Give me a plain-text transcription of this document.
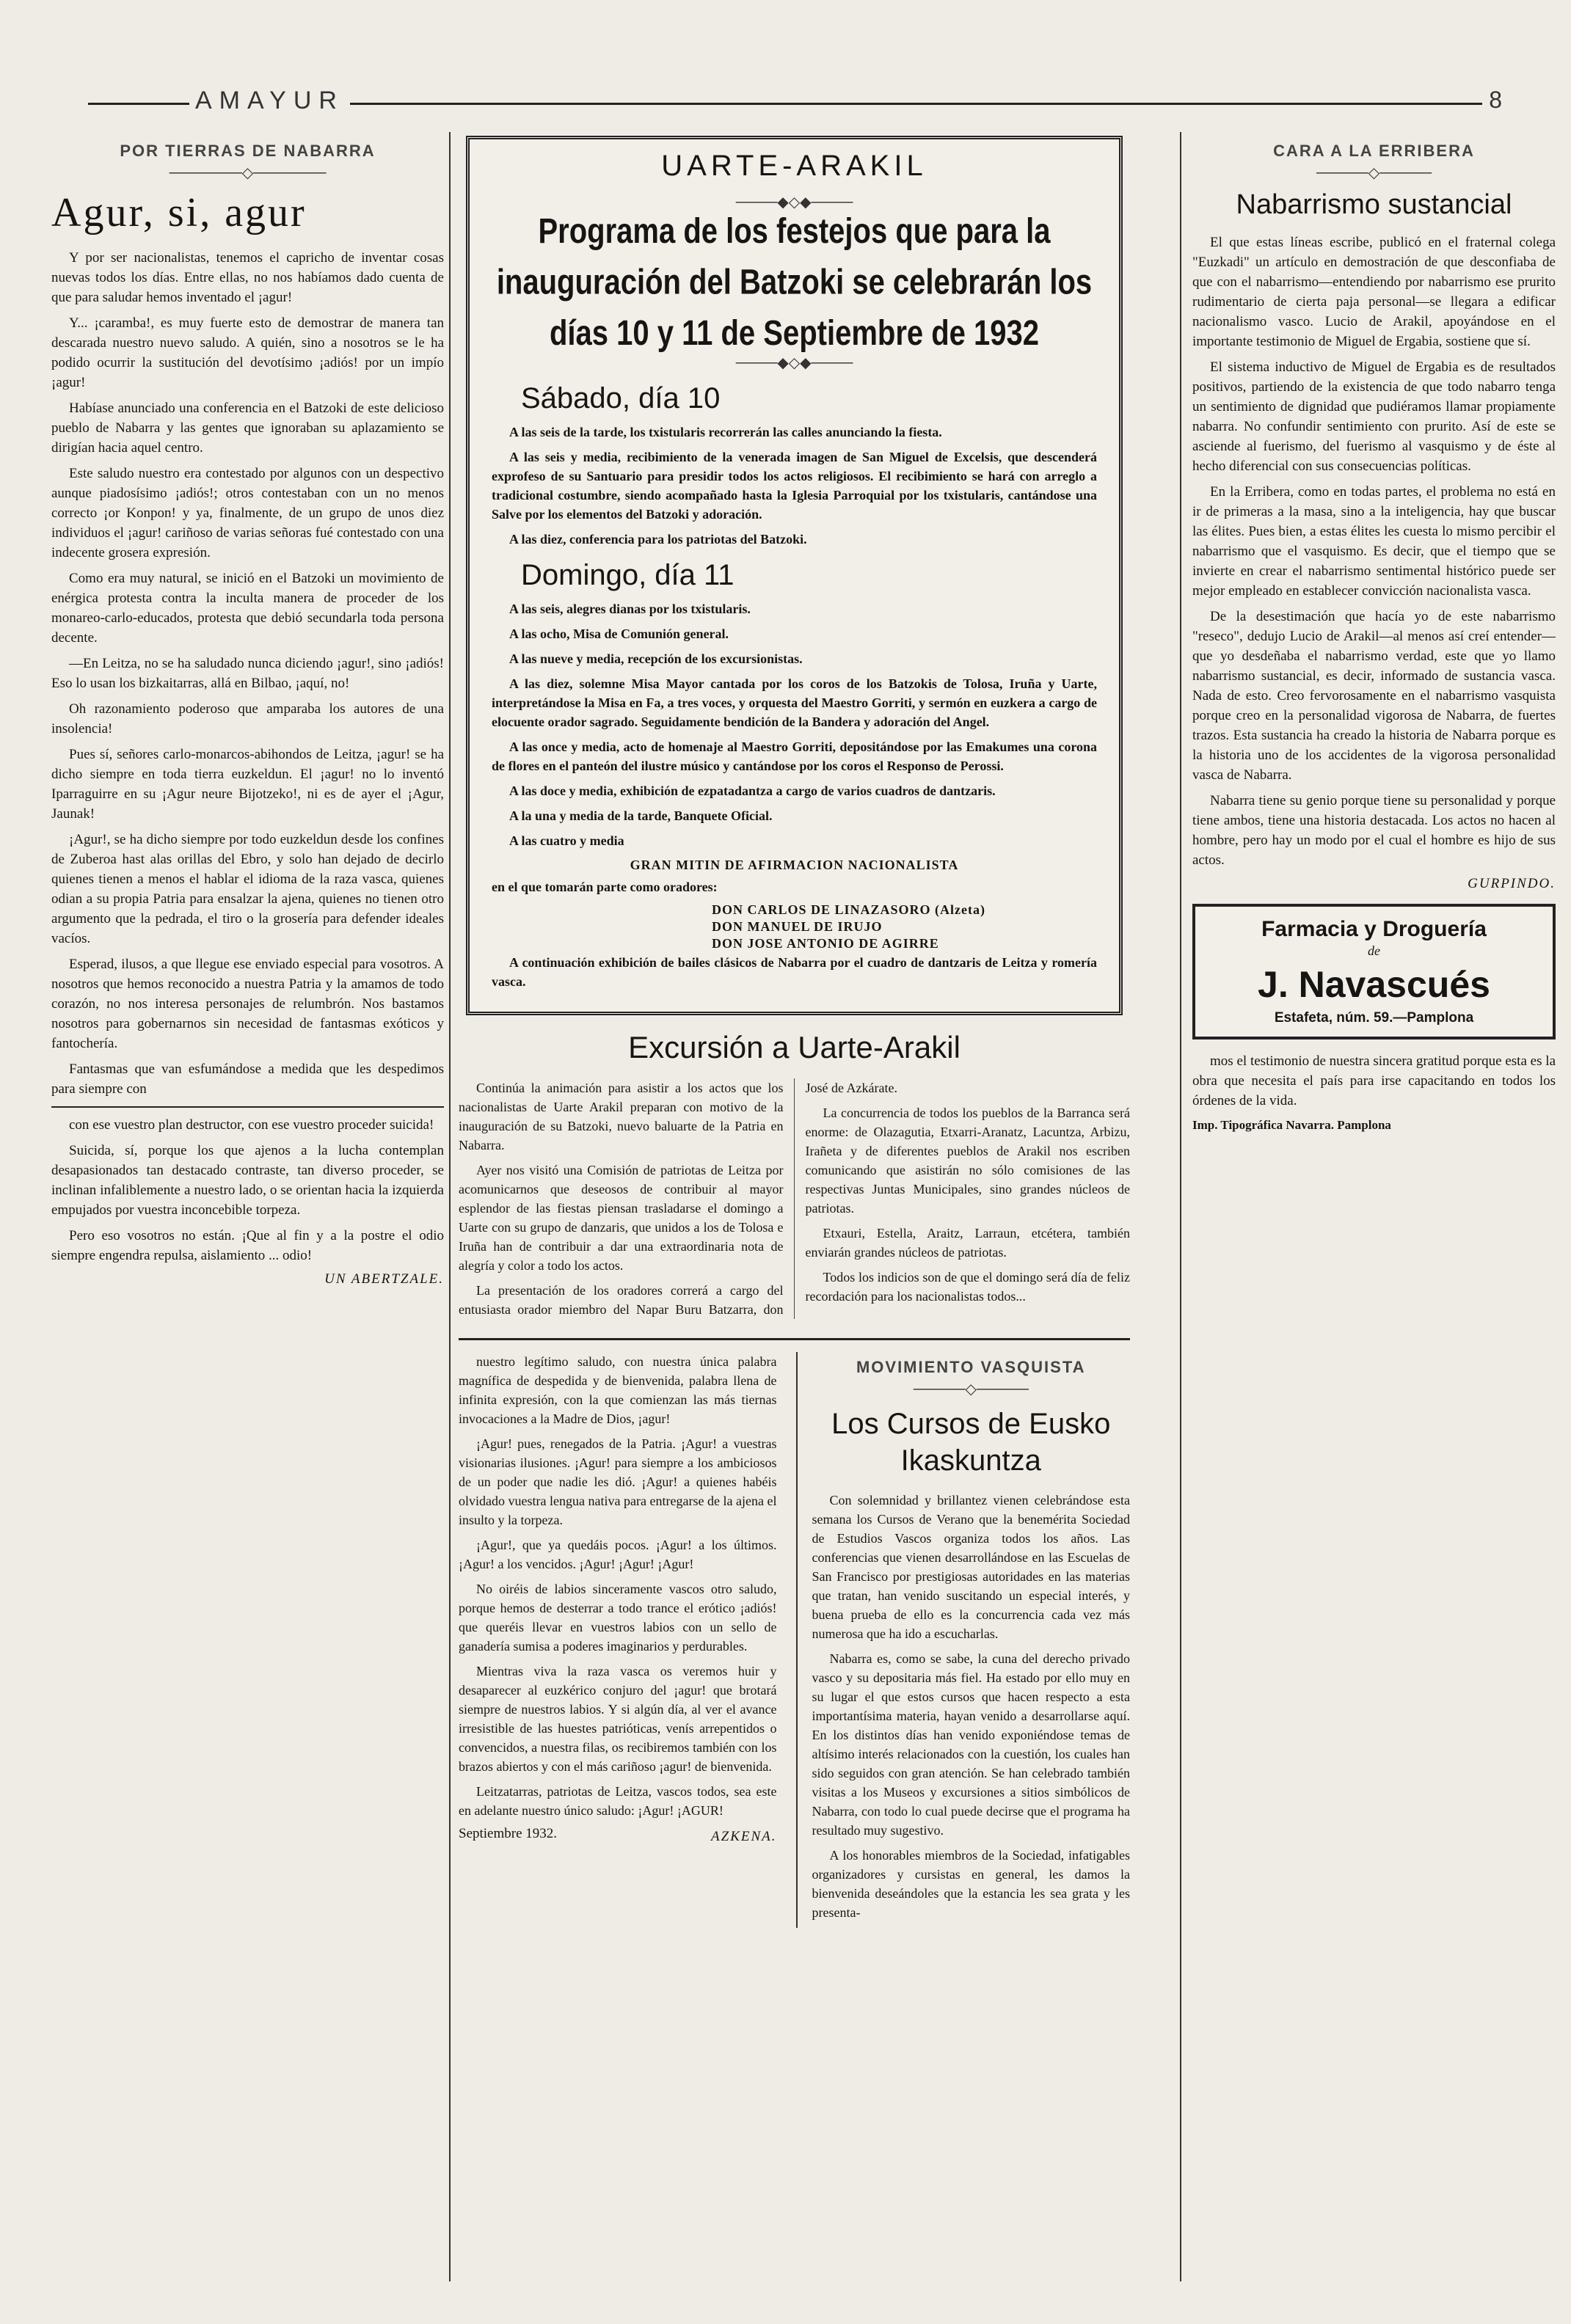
AMAYUR	8
POR TIERRAS DE NABARRA
───────◇───────
Agur, si, agur

Y por ser nacionalistas, tenemos el capricho de inventar cosas nuevas todos los días. Entre ellas, no nos habíamos dado cuenta de que para saludar hemos inventado el ¡agur!

Y... ¡caramba!, es muy fuerte esto de demostrar de manera tan descarada nuestro nuevo saludo. A quién, sino a nosotros se le ha podido ocurrir la sustitución del devotísimo ¡adiós! por un impío ¡agur!

Habíase anunciado una conferencia en el Batzoki de este delicioso pueblo de Nabarra y las gentes que ignoraban su aplazamiento se dirigían hacia aquel centro.

Este saludo nuestro era contestado por algunos con un despectivo aunque piadosísimo ¡adiós!; otros contestaban con un no menos correcto ¡or Konpon! y ya, finalmente, de un grupo de unos diez individuos el ¡agur! cariñoso de varias señoras fué contestado con una indecente grosera expresión.

Como era muy natural, se inició en el Batzoki un movimiento de enérgica protesta contra la inculta manera de proceder de los monareo-carlo-educados, protesta que debió secundarla toda persona decente.

—En Leitza, no se ha saludado nunca diciendo ¡agur!, sino ¡adiós! Eso lo usan los bizkaitarras, allá en Bilbao, ¡aquí, no!

Oh razonamiento poderoso que amparaba los autores de una insolencia!

Pues sí, señores carlo-monarcos-abihondos de Leitza, ¡agur! se ha dicho siempre en toda tierra euzkeldun. El ¡agur! no lo inventó Iparraguirre en su ¡Agur neure Bijotzeko!, ni es de ayer el ¡Agur, Jaunak!

¡Agur!, se ha dicho siempre por todo euzkeldun desde los confines de Zuberoa hast alas orillas del Ebro, y solo han dejado de decirlo quienes tienen a menos el hablar el idioma de la raza vasca, quienes odian a su propia Patria para ensalzar la ajena, quienes no tienen otro argumento que la pedrada, el tiro o la grosería para defender ideales vacíos.

Esperad, ilusos, a que llegue ese enviado especial para vosotros. A nosotros que hemos reconocido a nuestra Patria y la amamos de todo corazón, no nos interesa personajes de relumbrón. Nos bastamos nosotros para gobernarnos sin necesidad de fantasmas exóticos y fantochería.

Fantasmas que van esfumándose a medida que les despedimos para siempre con

con ese vuestro plan destructor, con ese vuestro proceder suicida!

Suicida, sí, porque los que ajenos a la lucha contemplan desapasionados tan destacado contraste, tan diverso proceder, se inclinan infaliblemente a nuestro lado, o se orientan hacia la izquierda empujados por vuestra inconcebible torpeza.

Pero eso vosotros no están. ¡Que al fin y a la postre el odio siempre engendra repulsa, aislamiento ... odio!

UN ABERTZALE.
UARTE-ARAKIL
────◆◇◆────
Programa de los festejos que para la inauguración del Batzoki se celebrarán los días 10 y 11 de Septiembre de 1932
────◆◇◆────
Sábado, día 10

A las seis de la tarde, los txistularis recorrerán las calles anunciando la fiesta.

A las seis y media, recibimiento de la venerada imagen de San Miguel de Excelsis, que descenderá exprofeso de su Santuario para presidir todos los actos religiosos. El recibimiento se hará con arreglo a tradicional costumbre, siendo acompañado hasta la Iglesia Parroquial por los txistularis, cantándose una Salve por los elementos del Batzoki y adoración.

A las diez, conferencia para los patriotas del Batzoki.

Domingo, día 11

A las seis, alegres dianas por los txistularis.

A las ocho, Misa de Comunión general.

A las nueve y media, recepción de los excursionistas.

A las diez, solemne Misa Mayor cantada por los coros de los Batzokis de Tolosa, Iruña y Uarte, interpretándose la Misa en Fa, a tres voces, y orquesta del Maestro Gorriti, y sermón en euzkera a cargo de elocuente orador sagrado. Seguidamente bendición de la Bandera y adoración del Angel.

A las once y media, acto de homenaje al Maestro Gorriti, depositándose por las Emakumes una corona de flores en el panteón del ilustre músico y cantándose por los coros el Responso de Perossi.

A las doce y media, exhibición de ezpatadantza a cargo de varios cuadros de dantzaris.

A la una y media de la tarde, Banquete Oficial.

A las cuatro y media

GRAN MITIN DE AFIRMACION NACIONALISTA

en el que tomarán parte como oradores:

DON CARLOS DE LINAZASORO (Alzeta)
DON MANUEL DE IRUJO
DON JOSE ANTONIO DE AGIRRE

A continuación exhibición de bailes clásicos de Nabarra por el cuadro de dantzaris de Leitza y romería vasca.

Excursión a Uarte-Arakil

Continúa la animación para asistir a los actos que los nacionalistas de Uarte Arakil preparan con motivo de la inauguración de su Batzoki, nuevo baluarte de la Patria en Nabarra.

Ayer nos visitó una Comisión de patriotas de Leitza por acomunicarnos que deseosos de contribuir al mayor esplendor de las fiestas piensan trasladarse el domingo a Uarte con su grupo de danzaris, que unidos a los de Tolosa e Iruña han de contribuir a dar una extraordinaria nota de alegría y color a todo los actos.

La presentación de los oradores correrá a cargo del entusiasta orador miembro del Napar Buru Batzarra, don José de Azkárate.

La concurrencia de todos los pueblos de la Barranca será enorme: de Olazagutia, Etxarri-Aranatz, Lacuntza, Arbizu, Irañeta y de diferentes pueblos de Arakil nos escriben comunicando que asistirán no sólo comisiones de las respectivas Juntas Municipales, sino grandes núcleos de patriotas.

Etxauri, Estella, Araitz, Larraun, etcétera, también enviarán grandes núcleos de patriotas.

Todos los indicios son de que el domingo será día de feliz recordación para los nacionalistas todos...

nuestro legítimo saludo, con nuestra única palabra magnífica de despedida y de bienvenida, palabra llena de infinita expresión, con la que comienzan las más tiernas invocaciones a la Madre de Dios, ¡agur!

¡Agur! pues, renegados de la Patria. ¡Agur! a vuestras visionarias ilusiones. ¡Agur! para siempre a los ambiciosos de un poder que nadie les dió. ¡Agur! a quienes habéis olvidado vuestra lengua nativa para entregarse de la ajena el insulto y la torpeza.

¡Agur!, que ya quedáis pocos. ¡Agur! a los últimos. ¡Agur! a los vencidos. ¡Agur! ¡Agur! ¡Agur!

No oiréis de labios sinceramente vascos otro saludo, porque hemos de desterrar a todo trance el erótico ¡adiós! que queréis llevar en vuestros labios con un sello de ganadería sumisa a poderes imaginarios y perdurables.

Mientras viva la raza vasca os veremos huir y desaparecer al euzkérico conjuro del ¡agur! que brotará siempre de nuestros labios. Y si algún día, al ver el avance irresistible de las huestes patrióticas, venís arrepentidos o convencidos, a nuestra filas, os recibiremos también con los brazos abiertos y con el más cariñoso ¡agur! de bienvenida.

Leitzatarras, patriotas de Leitza, vascos todos, sea este en adelante nuestro único saludo: ¡Agur! ¡AGUR!

Septiembre 1932.	AZKENA.
MOVIMIENTO VASQUISTA
─────◇─────
Los Cursos de Eusko Ikaskuntza

Con solemnidad y brillantez vienen celebrándose esta semana los Cursos de Verano que la benemérita Sociedad de Estudios Vascos organiza todos los años. Las conferencias que vienen desarrollándose en las Escuelas de San Francisco por prestigiosas autoridades en las materias que tratan, han venido suscitando un especial interés, y buena prueba de ello es la concurrencia cada vez más numerosa que ha ido a escucharlas.

Nabarra es, como se sabe, la cuna del derecho privado vasco y su depositaria más fiel. Ha estado por ello muy en su lugar el que estos cursos que hacen respecto a esta importantísima materia, hayan venido a desarrollarse aquí. En los distintos días han venido exponiéndose temas de altísimo interés relacionados con la cuestión, los cuales han sido seguidos con gran atención. Se han celebrado también visitas a los Museos y excursiones a sitios simbólicos de Nabarra, con todo lo cual puede decirse que el programa ha resultado muy sugestivo.

A los honorables miembros de la Sociedad, infatigables organizadores y cursistas en general, les damos la bienvenida deseándoles que la estancia les sea grata y les presenta-

CARA A LA ERRIBERA
─────◇─────
Nabarrismo sustancial

El que estas líneas escribe, publicó en el fraternal colega "Euzkadi" un artículo en demostración de que desconfiaba de que con el nabarrismo—entendiendo por nabarrismo ese prurito rudimentario de cierta paja personal—se llegara a edificar nacionalismo vasco. Lucio de Arakil, apoyándose en el importante testimonio de Miguel de Ergabia, sostiene que sí.

El sistema inductivo de Miguel de Ergabia es de resultados positivos, partiendo de la existencia de que todo nabarro tenga un sentimiento de dignidad que pudiéramos llamar propiamente nabarra. No confundir sentimiento con prurito. Así de este se asciende al fuerismo, del fuerismo al vasquismo y de éste al hecho diferencial con sus consecuencias políticas.

En la Erribera, como en todas partes, el problema no está en ir de primeras a la masa, sino a la inteligencia, hay que buscar las élites. Pues bien, a estas élites les cuesta lo mismo percibir el nabarrismo que el vasquismo. Es decir, que el tiempo que se invierte en crear el nabarrismo sentimental histórico puede ser mejor empleado en establecer convicción nacionalista vasca.

De la desestimación que hacía yo de este nabarrismo "reseco", dedujo Lucio de Arakil—al menos así creí entender—que yo desdeñaba el nabarrismo verdad, este que yo llamo nabarrismo sustancial, es decir, informado de sustancia vasca. Nada de esto. Creo fervorosamente en el nabarrismo vasquista porque creo en la personalidad vigorosa de Nabarra, de fuertes trazos. Esta sustancia ha creado la historia de Nabarra porque es la historia uno de los accidentes de la vigorosa personalidad vasca de Nabarra.

Nabarra tiene su genio porque tiene su personalidad y porque tiene ambos, tiene una historia destacada. Los actos no hacen al hombre, pero hay un modo por el cual el hombre es hijo de sus actos.

GURPINDO.
Farmacia y Droguería
de
J. Navascués
Estafeta, núm. 59.—Pamplona

mos el testimonio de nuestra sincera gratitud porque esta es la obra que necesita el país para irse capacitando en todos los órdenes de la vida.

Imp. Tipográfica Navarra. Pamplona
